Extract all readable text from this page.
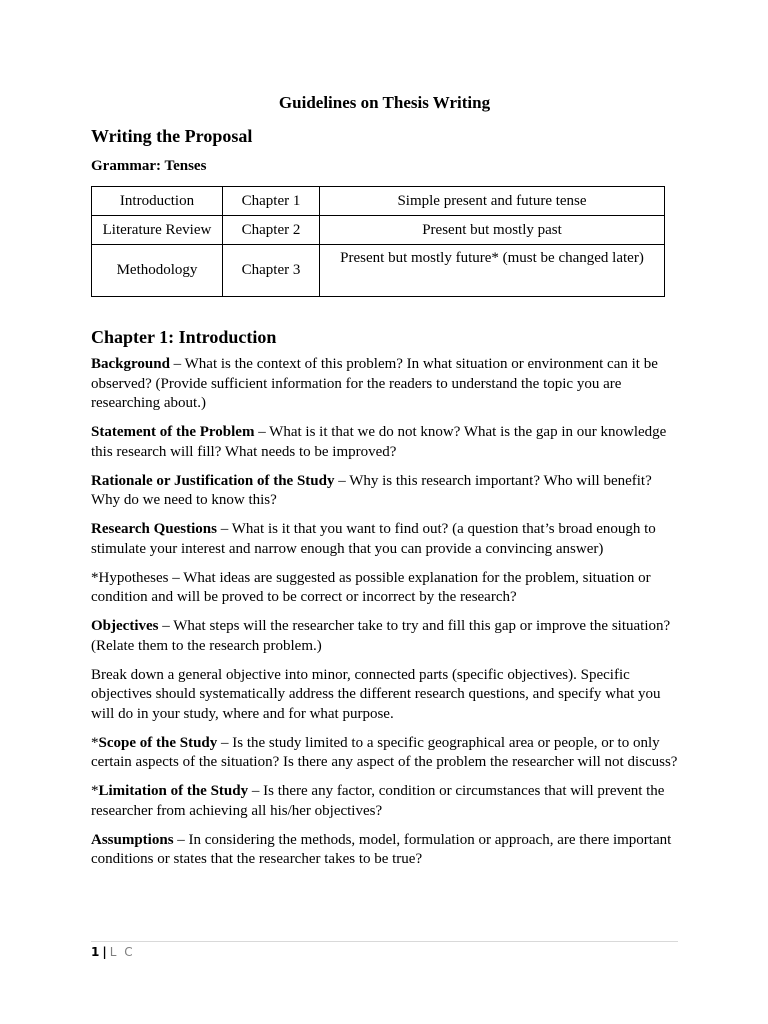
Guidelines on Thesis Writing
Writing the Proposal
Grammar: Tenses
Introduction	Chapter 1	Simple present and future tense
Literature Review	Chapter 2	Present but mostly past
Methodology	Chapter 3	Present but mostly future* (must be changed later)
Chapter 1: Introduction

Background – What is the context of this problem? In what situation or environment can it be observed? (Provide sufficient information for the readers to understand the topic you are researching about.)

Statement of the Problem – What is it that we do not know? What is the gap in our knowledge this research will fill? What needs to be improved?

Rationale or Justification of the Study – Why is this research important? Who will benefit? Why do we need to know this?

Research Questions – What is it that you want to find out? (a question that’s broad enough to stimulate your interest and narrow enough that you can provide a convincing answer)

*Hypotheses – What ideas are suggested as possible explanation for the problem, situation or condition and will be proved to be correct or incorrect by the research?

Objectives – What steps will the researcher take to try and fill this gap or improve the situation? (Relate them to the research problem.)

Break down a general objective into minor, connected parts (specific objectives). Specific objectives should systematically address the different research questions, and specify what you will do in your study, where and for what purpose.

*Scope of the Study – Is the study limited to a specific geographical area or people, or to only certain aspects of the situation? Is there any aspect of the problem the researcher will not discuss?

*Limitation of the Study – Is there any factor, condition or circumstances that will prevent the researcher from achieving all his/her objectives?

Assumptions – In considering the methods, model, formulation or approach, are there important conditions or states that the researcher takes to be true?

1 | L C
